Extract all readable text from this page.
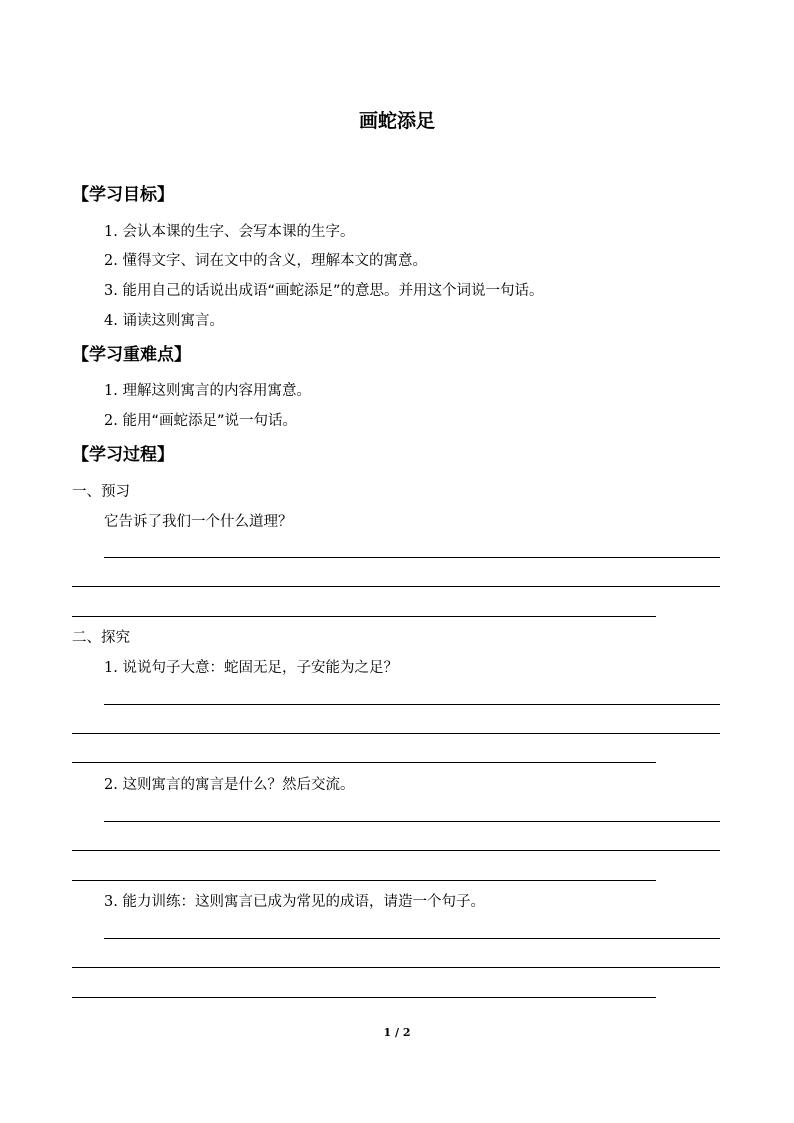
画蛇添足
【学习目标】
1. 会认本课的生字、会写本课的生字。
2. 懂得文字、词在文中的含义，理解本文的寓意。
3. 能用自己的话说出成语“画蛇添足”的意思。并用这个词说一句话。
4. 诵读这则寓言。
【学习重难点】
1. 理解这则寓言的内容用寓意。
2. 能用“画蛇添足”说一句话。
【学习过程】
一、预习
它告诉了我们一个什么道理？
二、探究
1. 说说句子大意：蛇固无足，子安能为之足？
2. 这则寓言的寓言是什么？然后交流。
3. 能力训练：这则寓言已成为常见的成语，请造一个句子。
1 / 2
